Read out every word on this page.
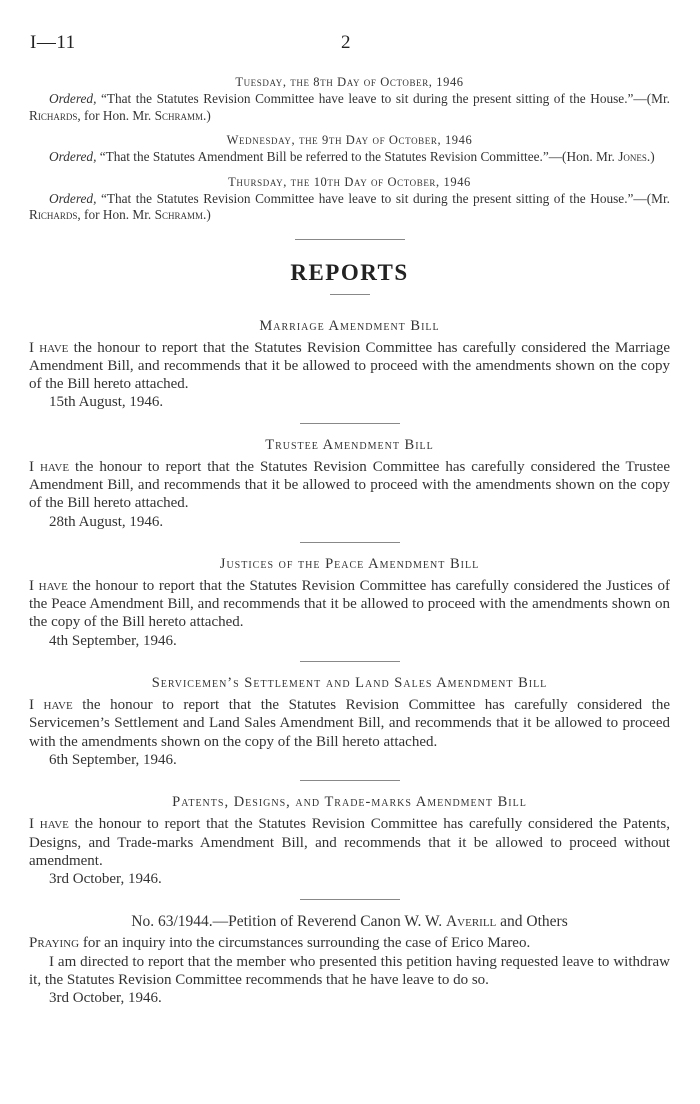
I—11	2

Tuesday, the 8th Day of October, 1946

Ordered, “That the Statutes Revision Committee have leave to sit during the present sitting of the House.”—(Mr. Richards, for Hon. Mr. Schramm.)

Wednesday, the 9th Day of October, 1946

Ordered, “That the Statutes Amendment Bill be referred to the Statutes Revision Committee.”—(Hon. Mr. Jones.)

Thursday, the 10th Day of October, 1946

Ordered, “That the Statutes Revision Committee have leave to sit during the present sitting of the House.”—(Mr. Richards, for Hon. Mr. Schramm.)

REPORTS

Marriage Amendment Bill

I have the honour to report that the Statutes Revision Committee has carefully considered the Marriage Amendment Bill, and recommends that it be allowed to proceed with the amendments shown on the copy of the Bill hereto attached.

15th August, 1946.

Trustee Amendment Bill

I have the honour to report that the Statutes Revision Committee has carefully considered the Trustee Amendment Bill, and recommends that it be allowed to proceed with the amendments shown on the copy of the Bill hereto attached.

28th August, 1946.

Justices of the Peace Amendment Bill

I have the honour to report that the Statutes Revision Committee has carefully considered the Justices of the Peace Amendment Bill, and recommends that it be allowed to proceed with the amendments shown on the copy of the Bill hereto attached.

4th September, 1946.

Servicemen’s Settlement and Land Sales Amendment Bill

I have the honour to report that the Statutes Revision Committee has carefully considered the Servicemen’s Settlement and Land Sales Amendment Bill, and recommends that it be allowed to proceed with the amendments shown on the copy of the Bill hereto attached.

6th September, 1946.

Patents, Designs, and Trade-marks Amendment Bill

I have the honour to report that the Statutes Revision Committee has carefully considered the Patents, Designs, and Trade-marks Amendment Bill, and recommends that it be allowed to proceed without amendment.

3rd October, 1946.

No. 63/1944.—Petition of Reverend Canon W. W. Averill and Others

Praying for an inquiry into the circumstances surrounding the case of Erico Mareo.

I am directed to report that the member who presented this petition having requested leave to withdraw it, the Statutes Revision Committee recommends that he have leave to do so.

3rd October, 1946.
